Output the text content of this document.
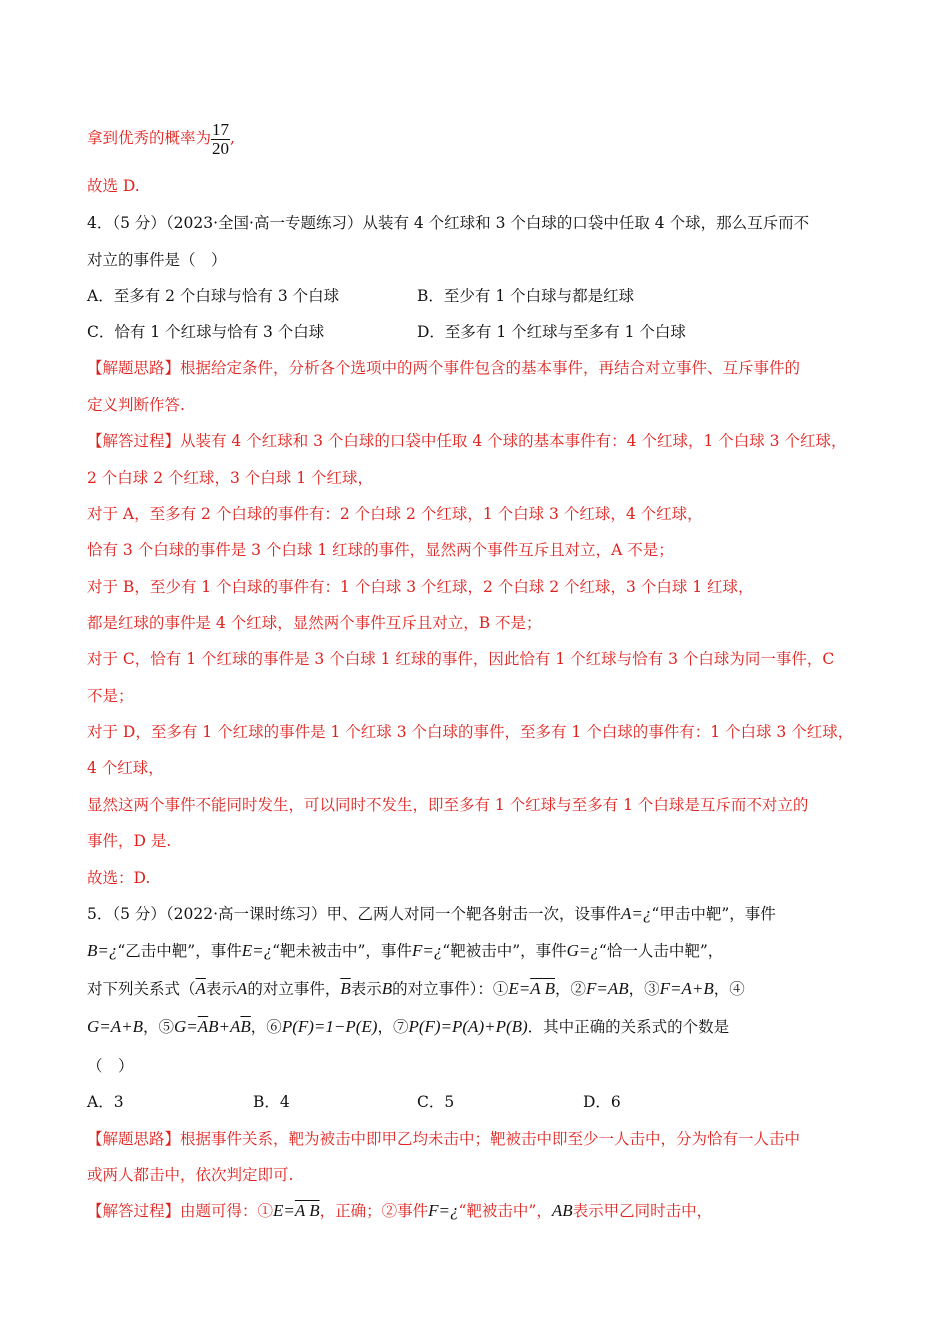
拿到优秀的概率为 $\frac{17}{20}$ ,
故选 D.
4．（5 分）（2023·全国·高一专题练习）从装有 4 个红球和 3 个白球的口袋中任取 4 个球，那么互斥而不
对立的事件是（　）
A．至多有 2 个白球与恰有 3 个白球	B．至少有 1 个白球与都是红球
C．恰有 1 个红球与恰有 3 个白球	D．至多有 1 个红球与至多有 1 个白球
【解题思路】根据给定条件，分析各个选项中的两个事件包含的基本事件，再结合对立事件、互斥事件的
定义判断作答.
【解答过程】从装有 4 个红球和 3 个白球的口袋中任取 4 个球的基本事件有：4 个红球，1 个白球 3 个红球，
2 个白球 2 个红球，3 个白球 1 个红球，
对于 A，至多有 2 个白球的事件有：2 个白球 2 个红球，1 个白球 3 个红球，4 个红球，
恰有 3 个白球的事件是 3 个白球 1 红球的事件，显然两个事件互斥且对立，A 不是；
对于 B，至少有 1 个白球的事件有：1 个白球 3 个红球，2 个白球 2 个红球，3 个白球 1 红球，
都是红球的事件是 4 个红球，显然两个事件互斥且对立，B 不是；
对于 C，恰有 1 个红球的事件是 3 个白球 1 红球的事件，因此恰有 1 个红球与恰有 3 个白球为同一事件，C
不是；
对于 D，至多有 1 个红球的事件是 1 个红球 3 个白球的事件，至多有 1 个白球的事件有：1 个白球 3 个红球，
4 个红球，
显然这两个事件不能同时发生，可以同时不发生，即至多有 1 个红球与至多有 1 个白球是互斥而不对立的
事件，D 是.
故选：D.
5．（5 分）（2022·高一课时练习）甲、乙两人对同一个靶各射击一次，设事件A=¿“甲击中靶”，事件
B=¿“乙击中靶”，事件E=¿“靶未被击中”，事件F=¿“靶被击中”，事件G=¿“恰一人击中靶”，
对下列关系式（$\overline{A}$表示A的对立事件，$\overline{B}$表示B的对立事件）：①E=A B，②F=AB，③F=A+B，④
G=A+B，$⑤G=\overline{A}B+A\overline{B}$，⑥P(F)=1−P(E)，⑦P(F)=P(A)+P(B)．其中正确的关系式的个数是
（　）
A．3	B．4	C．5	D．6
【解题思路】根据事件关系，靶为被击中即甲乙均未击中；靶被击中即至少一人击中，分为恰有一人击中
或两人都击中，依次判定即可.
【解答过程】由题可得：①E=A B，正确；②事件F=¿“靶被击中”，AB表示甲乙同时击中，
